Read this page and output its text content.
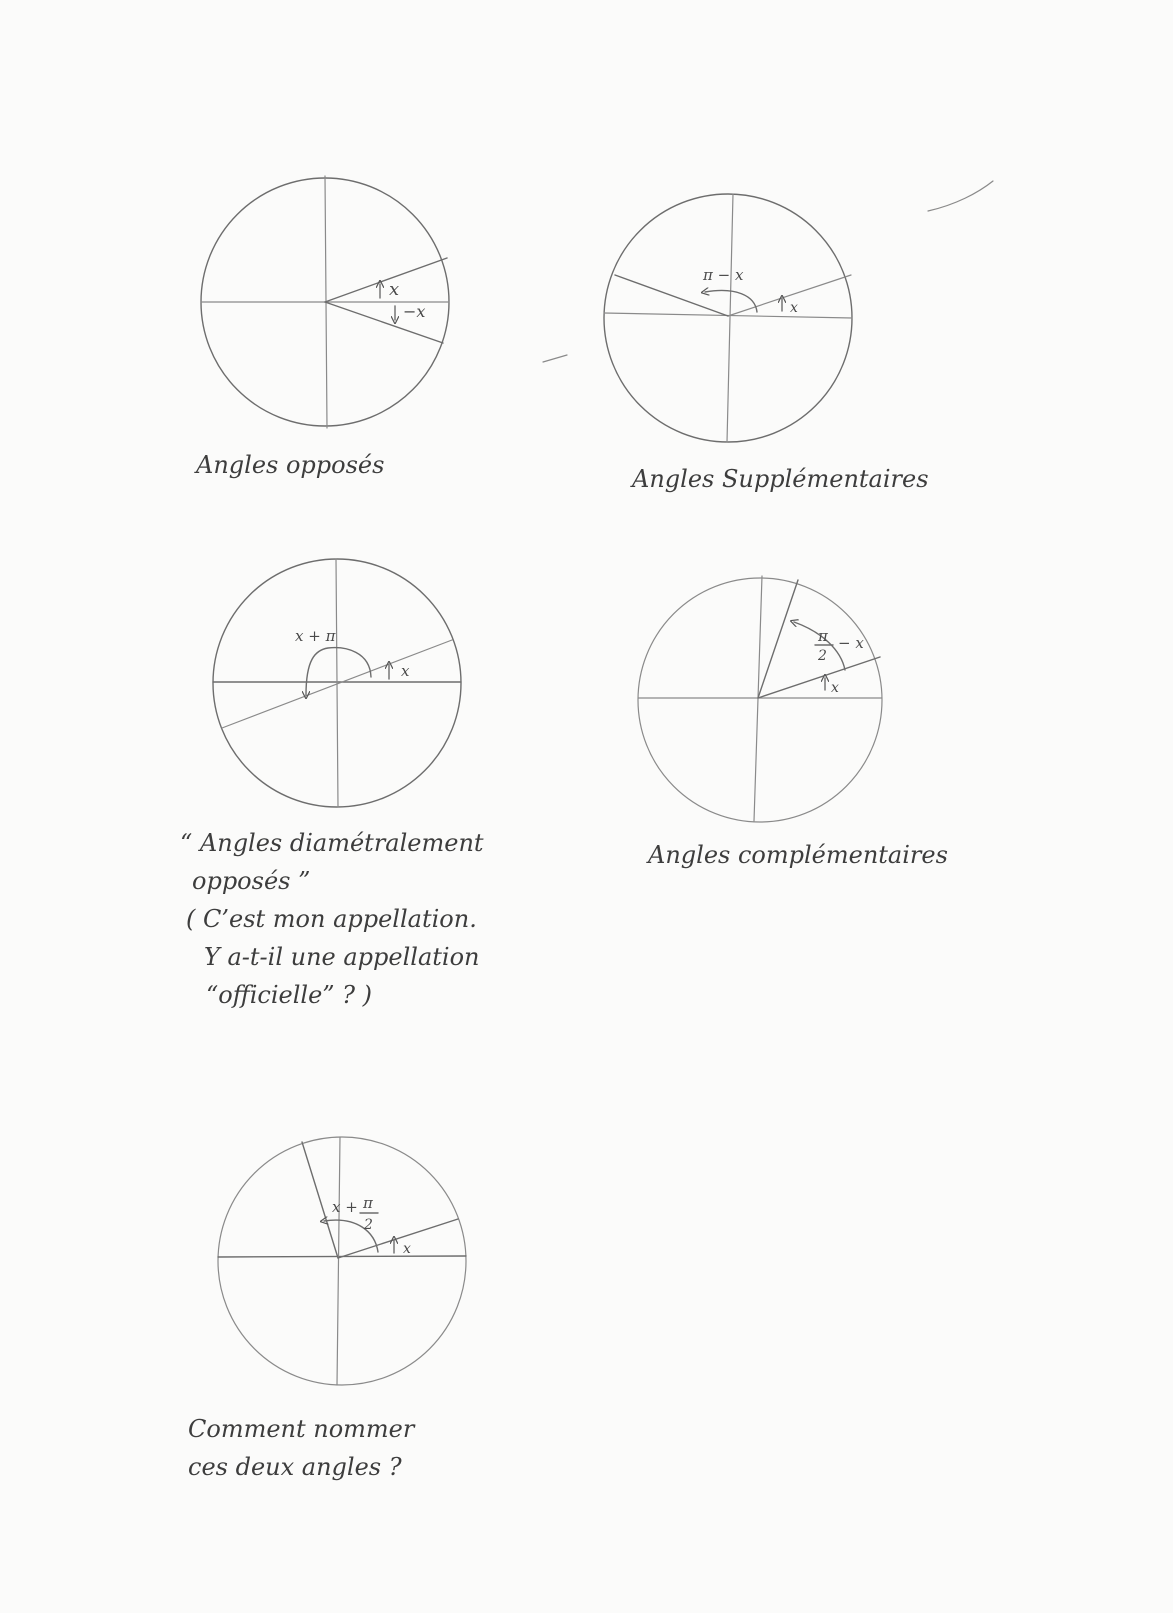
x
−x
π − x
x
x + π
x
π
2
− x
x
x + π
2
x

Angles opposés	Angles Supplémentaires

“ Angles diamétralement
opposés ”
( C’est mon appellation.
Y a-t-il une appellation
“officielle” ? )

Angles complémentaires

Comment nommer
ces deux angles ?
